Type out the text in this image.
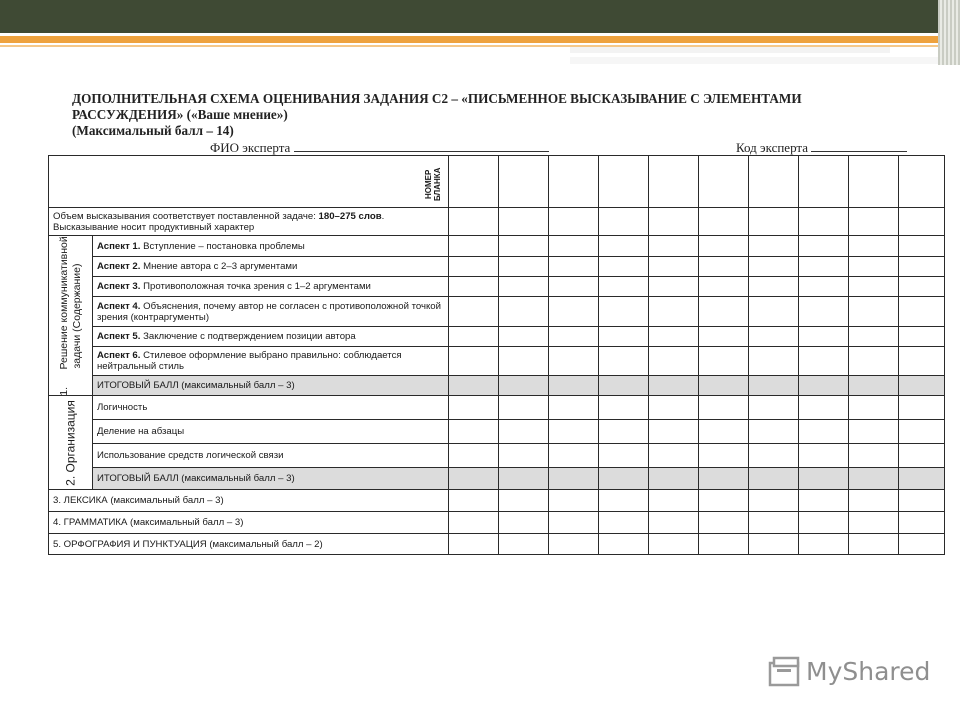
ДОПОЛНИТЕЛЬНАЯ СХЕМА ОЦЕНИВАНИЯ ЗАДАНИЯ С2 – «ПИСЬМЕННОЕ ВЫСКАЗЫВАНИЕ С ЭЛЕМЕНТАМИ
РАССУЖДЕНИЯ» («Ваше мнение»)
(Максимальный балл – 14)
ФИО эксперта	Код эксперта
НОМЕР БЛАНКА											

Объем высказывания соответствует поставленной задаче: 180–275 слов.
Высказывание носит продуктивный характер											

1.      Решение коммуникативной задачи (Содержание)	Аспект 1. Вступление – постановка проблемы										
	Аспект 2. Мнение автора с 2–3 аргументами										
	Аспект 3. Противоположная точка зрения с 1–2 аргументами										
	Аспект 4. Объяснения, почему автор не согласен с противоположной точкой зрения (контраргументы)										
	Аспект 5. Заключение с подтверждением позиции автора										
	Аспект 6. Стилевое оформление выбрано правильно: соблюдается нейтральный стиль										
	ИТОГОВЫЙ БАЛЛ (максимальный балл – 3)										

2. Организация	Логичность										
	Деление на абзацы										
	Использование средств логической связи										
	ИТОГОВЫЙ БАЛЛ (максимальный балл – 3)										
3. ЛЕКСИКА (максимальный балл – 3)											
4. ГРАММАТИКА (максимальный балл – 3)											
5. ОРФОГРАФИЯ И ПУНКТУАЦИЯ (максимальный балл – 2)											
MyShared
